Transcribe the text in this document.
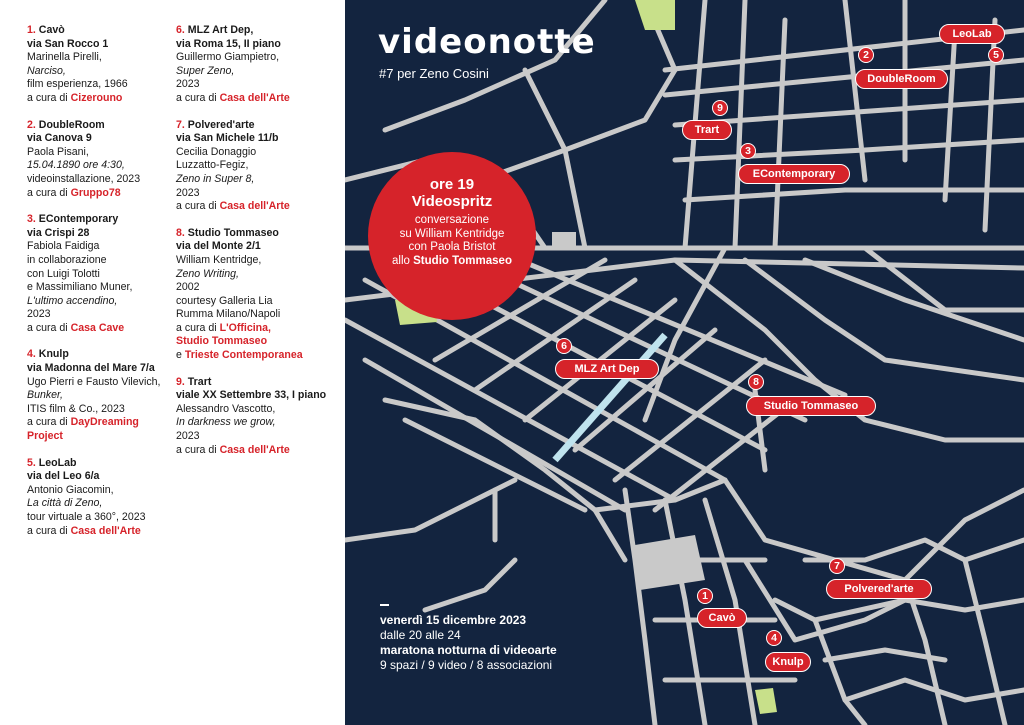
1. Cavò
via San Rocco 1
Marinella Pirelli,
Narciso,
film esperienza, 1966
a cura di Cizerouno
2. DoubleRoom
via Canova 9
Paola Pisani,
15.04.1890 ore 4:30,
videoinstallazione, 2023
a cura di Gruppo78
3. EContemporary
via Crispi 28
Fabiola Faidiga
in collaborazione
con Luigi Tolotti
e Massimiliano Muner,
L'ultimo accendino,
2023
a cura di Casa Cave
4. Knulp
via Madonna del Mare 7/a
Ugo Pierri e Fausto Vilevich,
Bunker,
ITIS film & Co., 2023
a cura di DayDreaming Project
5. LeoLab
via del Leo 6/a
Antonio Giacomin,
La città di Zeno,
tour virtuale a 360°, 2023
a cura di Casa dell'Arte
6. MLZ Art Dep,
via Roma 15, II piano
Guillermo Giampietro,
Super Zeno,
2023
a cura di Casa dell'Arte
7. Polvered'arte
via San Michele 11/b
Cecilia Donaggio
Luzzatto-Fegiz,
Zeno in Super 8,
2023
a cura di Casa dell'Arte
8. Studio Tommaseo
via del Monte 2/1
William Kentridge,
Zeno Writing,
2002
courtesy Galleria Lia
Rumma Milano/Napoli
a cura di L'Officina,
Studio Tommaseo
e Trieste Contemporanea
9. Trart
viale XX Settembre 33, I piano
Alessandro Vascotto,
In darkness we grow,
2023
a cura di Casa dell'Arte
videonotte
#7 per Zeno Cosini
ore 19
Videospritz
conversazione
su William Kentridge
con Paola Bristot
allo Studio Tommaseo
1
Cavò
2
DoubleRoom
3
EContemporary
4
Knulp
LeoLab
5
6
MLZ Art Dep
7
Polvered'arte
8
Studio Tommaseo
9
Trart
venerdì 15 dicembre 2023
dalle 20 alle 24
maratona notturna di videoarte
9 spazi / 9 video / 8 associazioni
